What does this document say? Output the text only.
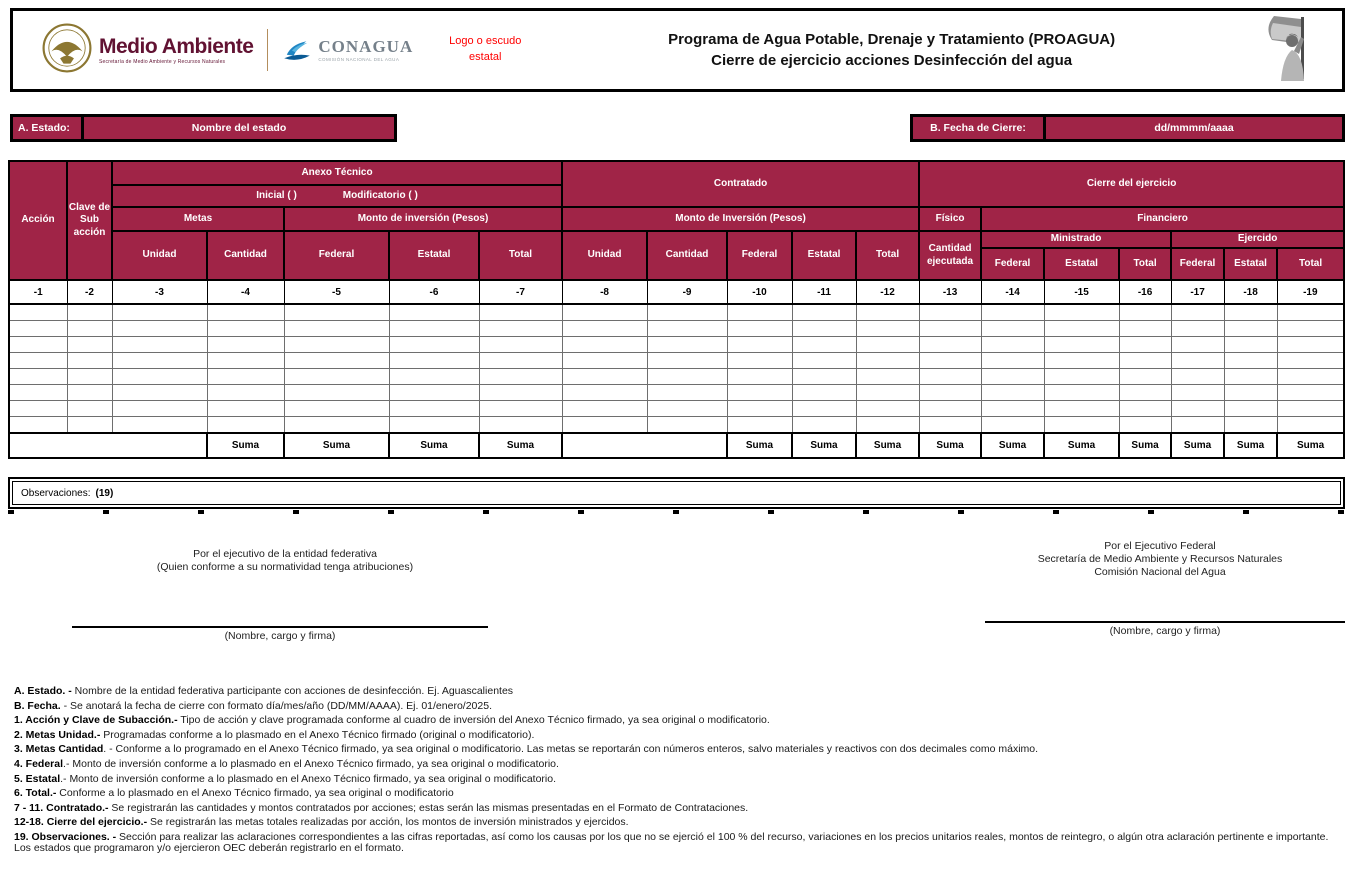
Medio Ambiente
Secretaría de Medio Ambiente y Recursos Naturales
CONAGUA
COMISIÓN NACIONAL DEL AGUA
Logo o escudo estatal
Programa de Agua Potable, Drenaje y Tratamiento (PROAGUA)
Cierre de ejercicio acciones Desinfección del agua
A. Estado:	Nombre del estado	B. Fecha de Cierre:	dd/mmmm/aaaa
Acción	Clave de Sub acción	Anexo Técnico					Contratado					Cierre del ejercicio						

		Inicial ( ) Modificatorio ( )																

		Metas		Monto de inversión (Pesos)			Monto de Inversión (Pesos)					Físico	Financiero					
		Unidad	Cantidad	Federal	Estatal	Total	Unidad	Cantidad	Federal	Estatal	Total	Cantidad ejecutada	Ministrado			Ejercido		
													Federal	Estatal	Total	Federal	Estatal	Total
-1	-2	-3	-4	-5	-6	-7	-8	-9	-10	-11	-12	-13	-14	-15	-16	-17	-18	-19

			Suma	Suma	Suma	Suma			Suma	Suma	Suma	Suma	Suma	Suma	Suma	Suma	Suma	Suma
Observaciones: (19)
Por el ejecutivo de la entidad federativa
(Quien conforme a su normatividad tenga atribuciones)
Por el Ejecutivo Federal
Secretaría de Medio Ambiente y Recursos Naturales
Comisión Nacional del Agua
(Nombre, cargo y firma)	(Nombre, cargo y firma)
A. Estado. - Nombre de la entidad federativa participante con acciones de desinfección. Ej. Aguascalientes
B. Fecha. - Se anotará la fecha de cierre con formato día/mes/año (DD/MM/AAAA). Ej. 01/enero/2025.
1. Acción y Clave de Subacción.- Tipo de acción y clave programada conforme al cuadro de inversión del Anexo Técnico firmado, ya sea original o modificatorio.
2. Metas Unidad.- Programadas conforme a lo plasmado en el Anexo Técnico firmado (original o modificatorio).
3. Metas Cantidad. - Conforme a lo programado en el Anexo Técnico firmado, ya sea original o modificatorio. Las metas se reportarán con números enteros, salvo materiales y reactivos con dos decimales como máximo.
4. Federal.- Monto de inversión conforme a lo plasmado en el Anexo Técnico firmado, ya sea original o modificatorio.
5. Estatal.- Monto de inversión conforme a lo plasmado en el Anexo Técnico firmado, ya sea original o modificatorio.
6. Total.- Conforme a lo plasmado en el Anexo Técnico firmado, ya sea original o modificatorio
7 - 11. Contratado.- Se registrarán las cantidades y montos contratados por acciones; estas serán las mismas presentadas en el Formato de Contrataciones.
12-18. Cierre del ejercicio.- Se registrarán las metas totales realizadas por acción, los montos de inversión ministrados y ejercidos.
19. Observaciones. - Sección para realizar las aclaraciones correspondientes a las cifras reportadas, así como los causas por los que no se ejerció el 100 % del recurso, variaciones en los precios unitarios reales, montos de reintegro, o algún otra aclaración pertinente e importante. Los estados que programaron y/o ejercieron OEC deberán registrarlo en el formato.
